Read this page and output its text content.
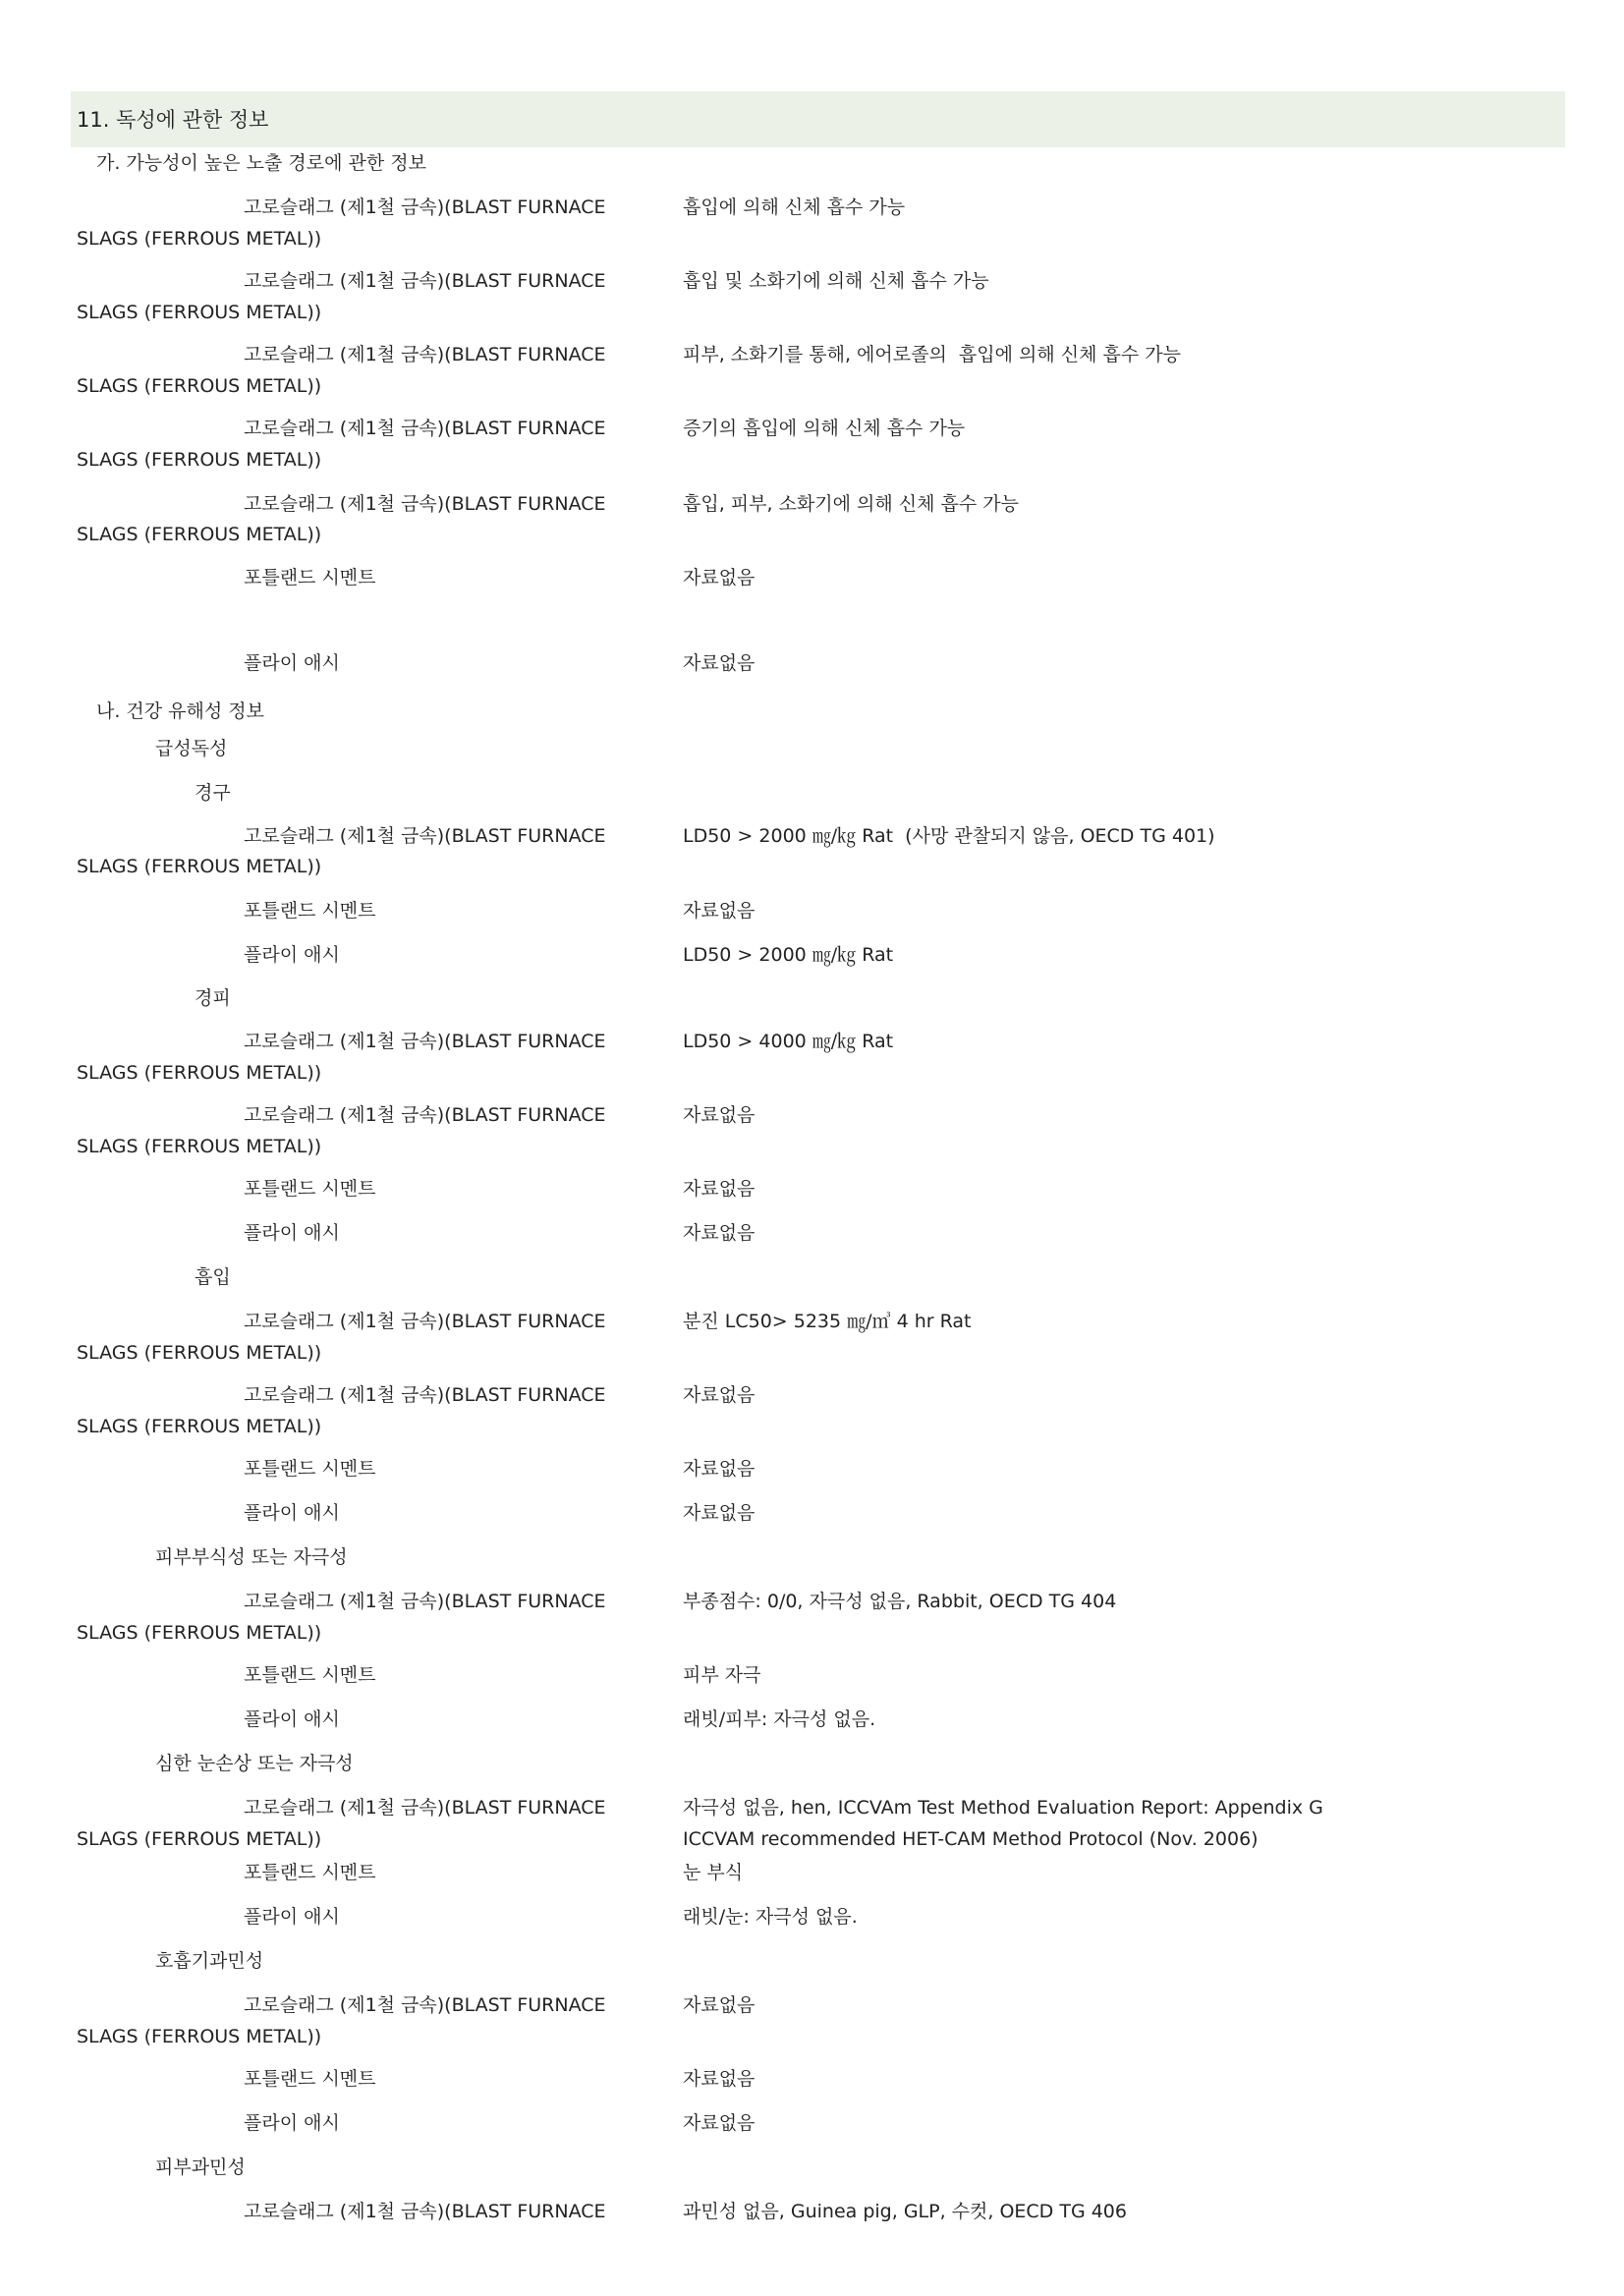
11. 독성에 관한 정보
가. 가능성이 높은 노출 경로에 관한 정보
고로슬래그 (제1철 금속)(BLAST FURNACE	흡입에 의해 신체 흡수 가능
SLAGS (FERROUS METAL))
고로슬래그 (제1철 금속)(BLAST FURNACE	흡입 및 소화기에 의해 신체 흡수 가능
SLAGS (FERROUS METAL))
고로슬래그 (제1철 금속)(BLAST FURNACE	피부, 소화기를 통해, 에어로졸의  흡입에 의해 신체 흡수 가능
SLAGS (FERROUS METAL))
고로슬래그 (제1철 금속)(BLAST FURNACE	증기의 흡입에 의해 신체 흡수 가능
SLAGS (FERROUS METAL))
고로슬래그 (제1철 금속)(BLAST FURNACE	흡입, 피부, 소화기에 의해 신체 흡수 가능
SLAGS (FERROUS METAL))
포틀랜드 시멘트	자료없음
플라이 애시	자료없음
나. 건강 유해성 정보
급성독성
경구
고로슬래그 (제1철 금속)(BLAST FURNACE	LD50 > 2000 ㎎/㎏ Rat  (사망 관찰되지 않음, OECD TG 401)
SLAGS (FERROUS METAL))
포틀랜드 시멘트	자료없음
플라이 애시	LD50 > 2000 ㎎/㎏ Rat
경피
고로슬래그 (제1철 금속)(BLAST FURNACE	LD50 > 4000 ㎎/㎏ Rat
SLAGS (FERROUS METAL))
고로슬래그 (제1철 금속)(BLAST FURNACE	자료없음
SLAGS (FERROUS METAL))
포틀랜드 시멘트	자료없음
플라이 애시	자료없음
흡입
고로슬래그 (제1철 금속)(BLAST FURNACE	분진 LC50> 5235 ㎎/㎥ 4 hr Rat
SLAGS (FERROUS METAL))
고로슬래그 (제1철 금속)(BLAST FURNACE	자료없음
SLAGS (FERROUS METAL))
포틀랜드 시멘트	자료없음
플라이 애시	자료없음
피부부식성 또는 자극성
고로슬래그 (제1철 금속)(BLAST FURNACE	부종점수: 0/0, 자극성 없음, Rabbit, OECD TG 404
SLAGS (FERROUS METAL))
포틀랜드 시멘트	피부 자극
플라이 애시	래빗/피부: 자극성 없음.
심한 눈손상 또는 자극성
고로슬래그 (제1철 금속)(BLAST FURNACE	자극성 없음, hen, ICCVAm Test Method Evaluation Report: Appendix G
SLAGS (FERROUS METAL))	ICCVAM recommended HET-CAM Method Protocol (Nov. 2006)
포틀랜드 시멘트	눈 부식
플라이 애시	래빗/눈: 자극성 없음.
호흡기과민성
고로슬래그 (제1철 금속)(BLAST FURNACE	자료없음
SLAGS (FERROUS METAL))
포틀랜드 시멘트	자료없음
플라이 애시	자료없음
피부과민성
고로슬래그 (제1철 금속)(BLAST FURNACE	과민성 없음, Guinea pig, GLP, 수컷, OECD TG 406
